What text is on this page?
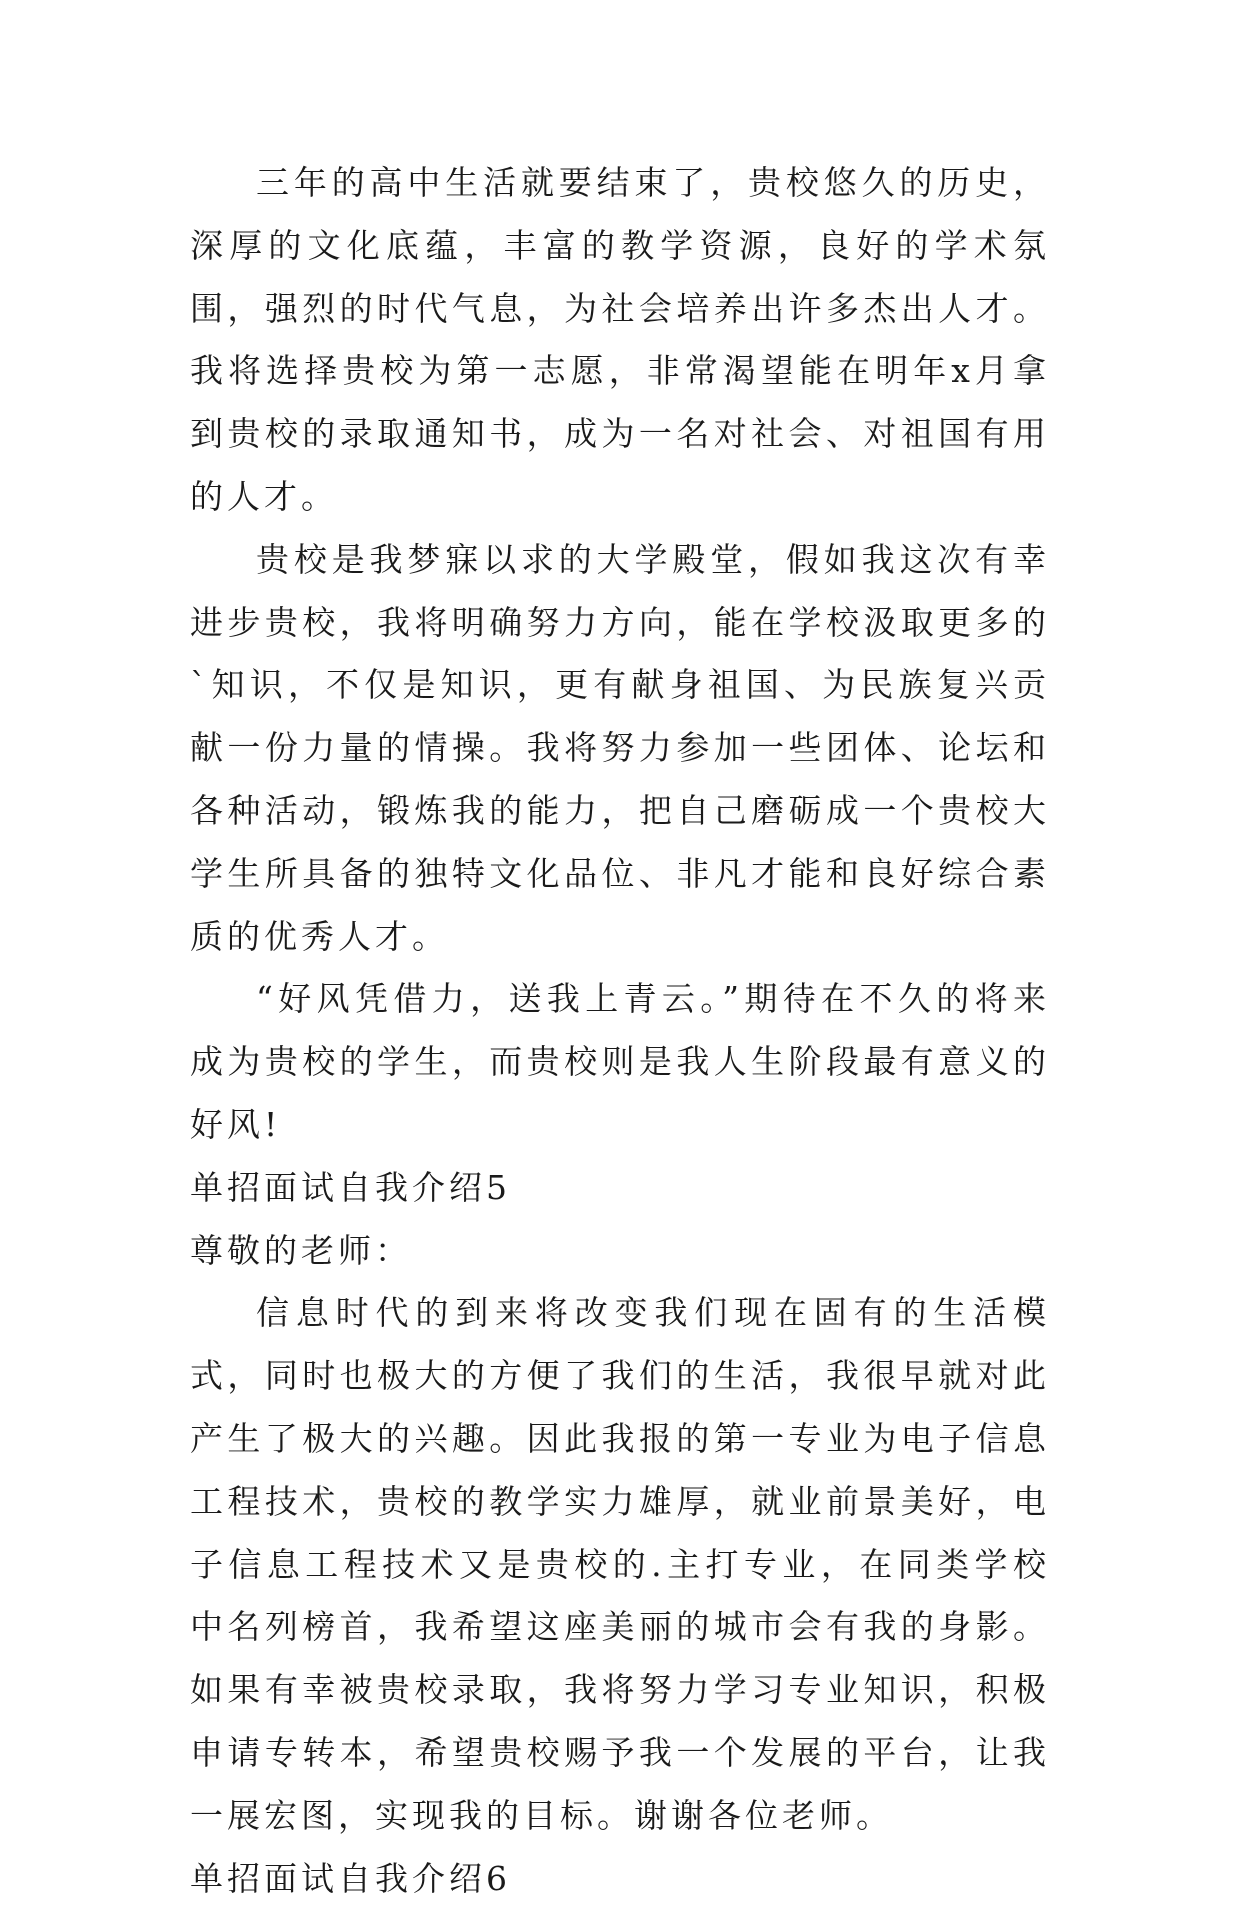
三年的高中生活就要结束了，贵校悠久的历史，深厚的文化底蕴，丰富的教学资源，良好的学术氛围，强烈的时代气息，为社会培养出许多杰出人才。我将选择贵校为第一志愿，非常渴望能在明年x月拿到贵校的录取通知书，成为一名对社会、对祖国有用的人才。

贵校是我梦寐以求的大学殿堂，假如我这次有幸进步贵校，我将明确努力方向，能在学校汲取更多的`知识，不仅是知识，更有献身祖国、为民族复兴贡献一份力量的情操。我将努力参加一些团体、论坛和各种活动，锻炼我的能力，把自己磨砺成一个贵校大学生所具备的独特文化品位、非凡才能和良好综合素质的优秀人才。

“好风凭借力，送我上青云。”期待在不久的将来成为贵校的学生，而贵校则是我人生阶段最有意义的好风!

单招面试自我介绍5

尊敬的老师：

信息时代的到来将改变我们现在固有的生活模式，同时也极大的方便了我们的生活，我很早就对此产生了极大的兴趣。因此我报的第一专业为电子信息工程技术，贵校的教学实力雄厚，就业前景美好，电子信息工程技术又是贵校的.主打专业，在同类学校中名列榜首，我希望这座美丽的城市会有我的身影。如果有幸被贵校录取，我将努力学习专业知识，积极申请专转本，希望贵校赐予我一个发展的平台，让我一展宏图，实现我的目标。谢谢各位老师。

单招面试自我介绍6
